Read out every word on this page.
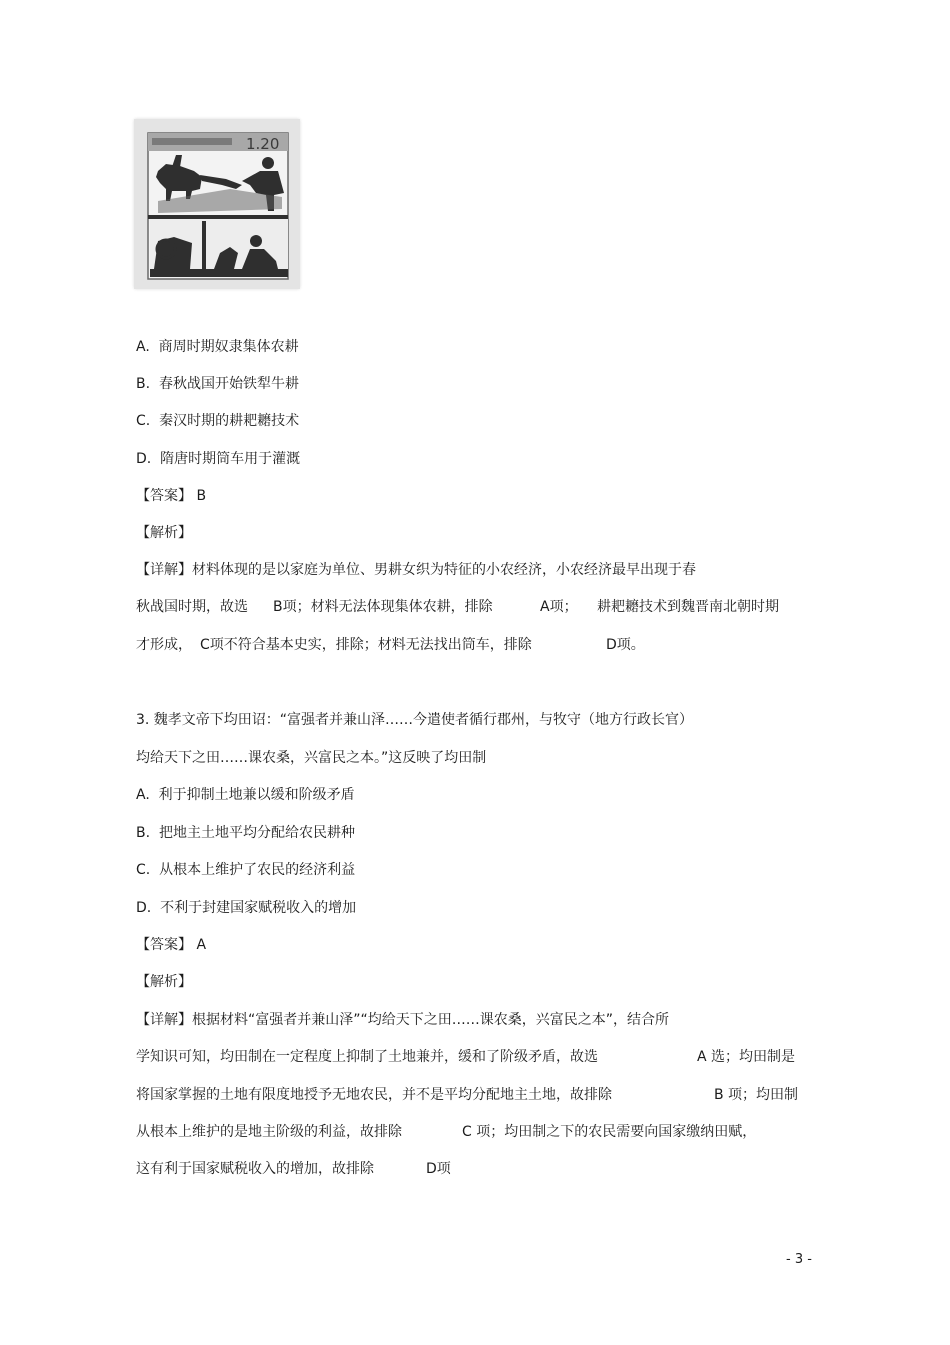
1.20
A.  商周时期奴隶集体农耕
B.  春秋战国开始铁犁牛耕
C.  秦汉时期的耕耙耱技术
D.  隋唐时期筒车用于灌溉
【答案】 B
【解析】
【详解】材料体现的是以家庭为单位、男耕女织为特征的小农经济，小农经济最早出现于春

秋战国时期，故选

B项；材料无法体现集体农耕，排除

	A项；

耕耙耱技术到魏晋南北朝时期

才形成，

C项不符合基本史实，排除；材料无法找出筒车，排除

	D项。

3. 魏孝文帝下均田诏：“富强者并兼山泽……今遣使者循行郡州，与牧守（地方行政长官）
均给天下之田……课农桑，兴富民之本。”这反映了均田制
A.  利于抑制土地兼以缓和阶级矛盾
B.  把地主土地平均分配给农民耕种
C.  从根本上维护了农民的经济利益
D.  不利于封建国家赋税收入的增加
【答案】 A
【解析】
【详解】根据材料“富强者并兼山泽”“均给天下之田……课农桑，兴富民之本”，结合所

学知识可知，均田制在一定程度上抑制了土地兼并，缓和了阶级矛盾，故选

	A 选；均田制是

将国家掌握的土地有限度地授予无地农民，并不是平均分配地主土地，故排除

	B 项；均田制

从根本上维护的是地主阶级的利益，故排除

	C 项；均田制之下的农民需要向国家缴纳田赋，

这有利于国家赋税收入的增加，故排除

	D项

- 3 -
